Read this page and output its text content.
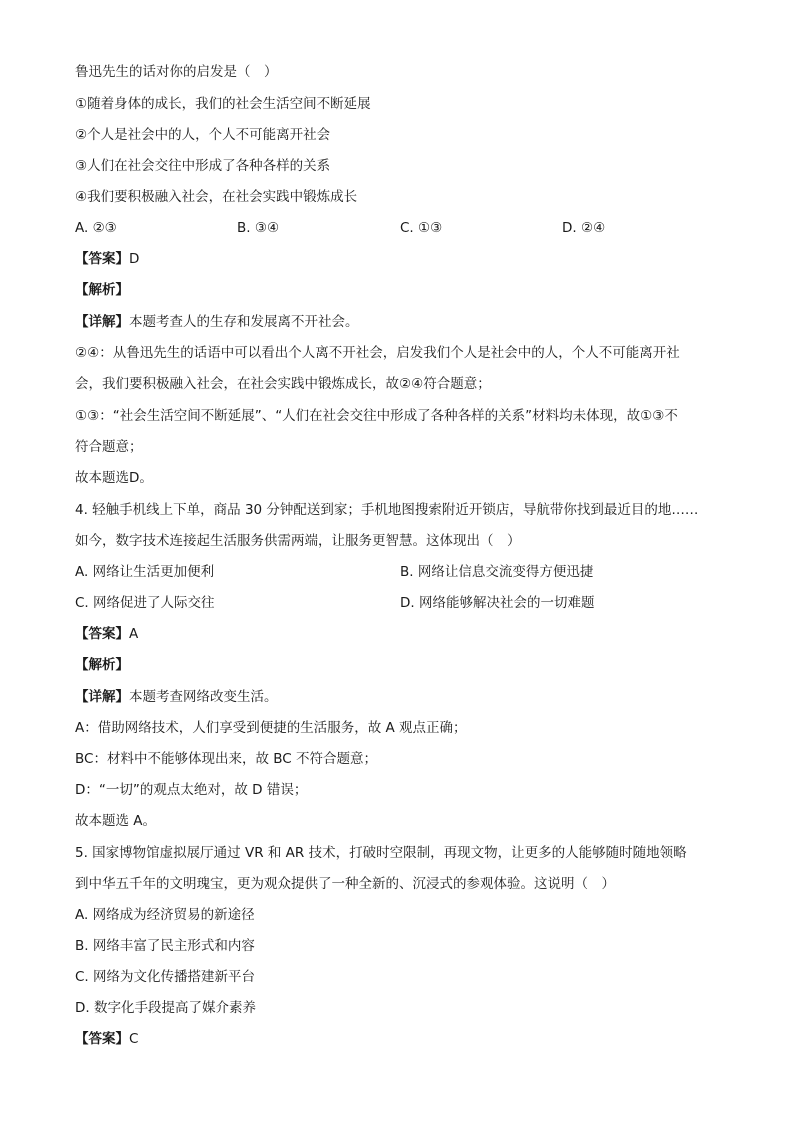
鲁迅先生的话对你的启发是（　）
①随着身体的成长，我们的社会生活空间不断延展
②个人是社会中的人，个人不可能离开社会
③人们在社会交往中形成了各种各样的关系
④我们要积极融入社会，在社会实践中锻炼成长
A. ②③	B. ③④	C. ①③	D. ②④
【答案】D
【解析】
【详解】本题考查人的生存和发展离不开社会。
②④：从鲁迅先生的话语中可以看出个人离不开社会，启发我们个人是社会中的人，个人不可能离开社
会，我们要积极融入社会，在社会实践中锻炼成长，故②④符合题意；
①③：“社会生活空间不断延展”、“人们在社会交往中形成了各种各样的关系”材料均未体现，故①③不
符合题意；
故本题选D。
4. 轻触手机线上下单，商品 30 分钟配送到家；手机地图搜索附近开锁店，导航带你找到最近目的地……
如今，数字技术连接起生活服务供需两端，让服务更智慧。这体现出（　）
A. 网络让生活更加便利	B. 网络让信息交流变得方便迅捷
C. 网络促进了人际交往	D. 网络能够解决社会的一切难题
【答案】A
【解析】
【详解】本题考查网络改变生活。
A：借助网络技术，人们享受到便捷的生活服务，故 A 观点正确；
BC：材料中不能够体现出来，故 BC 不符合题意；
D：“一切”的观点太绝对，故 D 错误；
故本题选 A。
5. 国家博物馆虚拟展厅通过 VR 和 AR 技术，打破时空限制，再现文物，让更多的人能够随时随地领略
到中华五千年的文明瑰宝，更为观众提供了一种全新的、沉浸式的参观体验。这说明（　）
A. 网络成为经济贸易的新途径
B. 网络丰富了民主形式和内容
C. 网络为文化传播搭建新平台
D. 数字化手段提高了媒介素养
【答案】C
